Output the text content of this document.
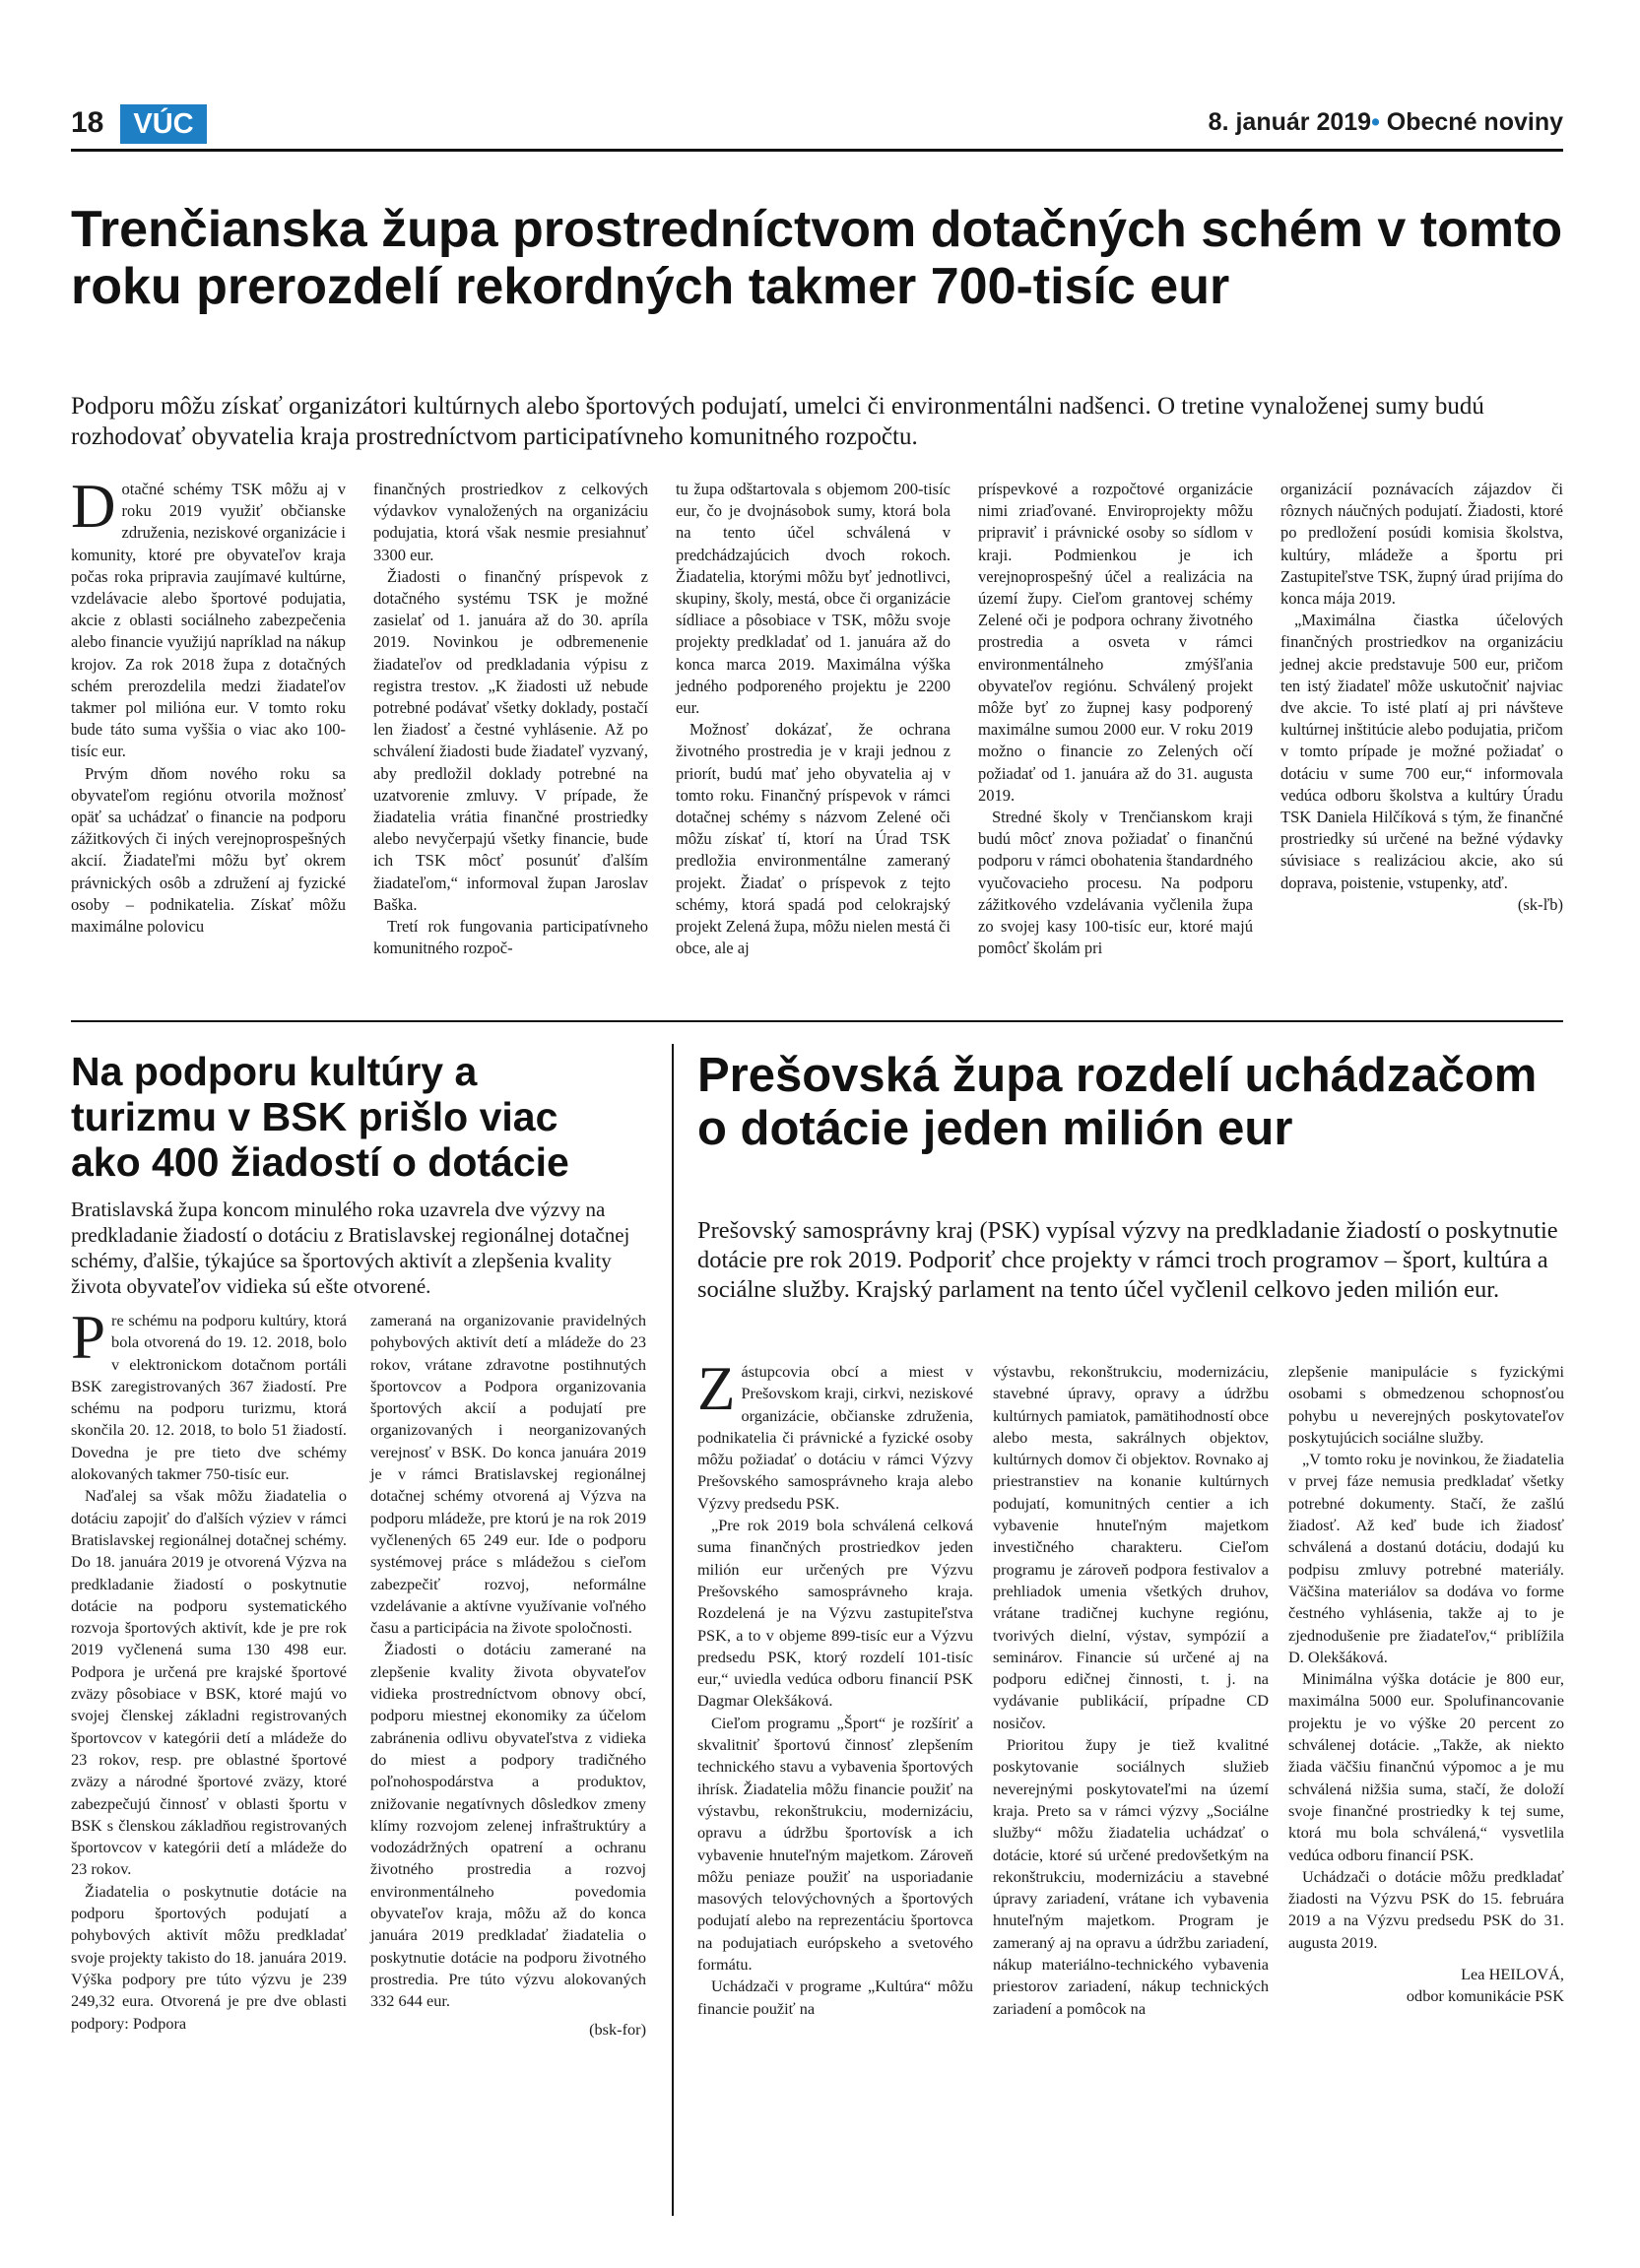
18	VÚC	8. január 2019• Obecné noviny
Trenčianska župa prostredníctvom dotačných schém v tomto roku prerozdelí rekordných takmer 700-tisíc eur

Podporu môžu získať organizátori kultúrnych alebo športových podujatí, umelci či environmentálni nadšenci. O tretine vynaloženej sumy budú rozhodovať obyvatelia kraja prostredníctvom participatívneho komunitného rozpočtu.

Dotačné schémy TSK môžu aj v roku 2019 využiť občianske združenia, neziskové organizácie i komunity, ktoré pre obyvateľov kraja počas roka pripravia zaujímavé kultúrne, vzdelávacie alebo športové podujatia, akcie z oblasti sociálneho zabezpečenia alebo financie využijú napríklad na nákup krojov. Za rok 2018 župa z dotačných schém prerozdelila medzi žiadateľov takmer pol milióna eur. V tomto roku bude táto suma vyššia o viac ako 100-tisíc eur.

Prvým dňom nového roku sa obyvateľom regiónu otvorila možnosť opäť sa uchádzať o financie na podporu zážitkových či iných verejnoprospešných akcií. Žiadateľmi môžu byť okrem právnických osôb a združení aj fyzické osoby – podnikatelia. Získať môžu maximálne polovicu

finančných prostriedkov z celkových výdavkov vynaložených na organizáciu podujatia, ktorá však nesmie presiahnuť 3300 eur.

Žiadosti o finančný príspevok z dotačného systému TSK je možné zasielať od 1. januára až do 30. apríla 2019. Novinkou je odbremenenie žiadateľov od predkladania výpisu z registra trestov. „K žiadosti už nebude potrebné podávať všetky doklady, postačí len žiadosť a čestné vyhlásenie. Až po schválení žiadosti bude žiadateľ vyzvaný, aby predložil doklady potrebné na uzatvorenie zmluvy. V prípade, že žiadatelia vrátia finančné prostriedky alebo nevyčerpajú všetky financie, bude ich TSK môcť posunúť ďalším žiadateľom,“ informoval župan Jaroslav Baška.

Tretí rok fungovania participatívneho komunitného rozpoč-

tu župa odštartovala s objemom 200-tisíc eur, čo je dvojnásobok sumy, ktorá bola na tento účel schválená v predchádzajúcich dvoch rokoch. Žiadatelia, ktorými môžu byť jednotlivci, skupiny, školy, mestá, obce či organizácie sídliace a pôsobiace v TSK, môžu svoje projekty predkladať od 1. januára až do konca marca 2019. Maximálna výška jedného podporeného projektu je 2200 eur.

Možnosť dokázať, že ochrana životného prostredia je v kraji jednou z priorít, budú mať jeho obyvatelia aj v tomto roku. Finančný príspevok v rámci dotačnej schémy s názvom Zelené oči môžu získať tí, ktorí na Úrad TSK predložia environmentálne zameraný projekt. Žiadať o príspevok z tejto schémy, ktorá spadá pod celokrajský projekt Zelená župa, môžu nielen mestá či obce, ale aj

príspevkové a rozpočtové organizácie nimi zriaďované. Enviroprojekty môžu pripraviť i právnické osoby so sídlom v kraji. Podmienkou je ich verejnoprospešný účel a realizácia na území župy. Cieľom grantovej schémy Zelené oči je podpora ochrany životného prostredia a osveta v rámci environmentálneho zmýšľania obyvateľov regiónu. Schválený projekt môže byť zo župnej kasy podporený maximálne sumou 2000 eur. V roku 2019 možno o financie zo Zelených očí požiadať od 1. januára až do 31. augusta 2019.

Stredné školy v Trenčianskom kraji budú môcť znova požiadať o finančnú podporu v rámci obohatenia štandardného vyučovacieho procesu. Na podporu zážitkového vzdelávania vyčlenila župa zo svojej kasy 100-tisíc eur, ktoré majú pomôcť školám pri

organizácií poznávacích zájazdov či rôznych náučných podujatí. Žiadosti, ktoré po predložení posúdi komisia školstva, kultúry, mládeže a športu pri Zastupiteľstve TSK, župný úrad prijíma do konca mája 2019.

„Maximálna čiastka účelových finančných prostriedkov na organizáciu jednej akcie predstavuje 500 eur, pričom ten istý žiadateľ môže uskutočniť najviac dve akcie. To isté platí aj pri návšteve kultúrnej inštitúcie alebo podujatia, pričom v tomto prípade je možné požiadať o dotáciu v sume 700 eur,“ informovala vedúca odboru školstva a kultúry Úradu TSK Daniela Hilčíková s tým, že finančné prostriedky sú určené na bežné výdavky súvisiace s realizáciou akcie, ako sú doprava, poistenie, vstupenky, atď.

(sk-ľb)

Na podporu kultúry a turizmu v BSK prišlo viac ako 400 žiadostí o dotácie

Bratislavská župa koncom minulého roka uzavrela dve výzvy na predkladanie žiadostí o dotáciu z Bratislavskej regionálnej dotačnej schémy, ďalšie, týkajúce sa športových aktivít a zlepšenia kvality života obyvateľov vidieka sú ešte otvorené.

Pre schému na podporu kultúry, ktorá bola otvorená do 19. 12. 2018, bolo v elektronickom dotačnom portáli BSK zaregistrovaných 367 žiadostí. Pre schému na podporu turizmu, ktorá skončila 20. 12. 2018, to bolo 51 žiadostí. Dovedna je pre tieto dve schémy alokovaných takmer 750-tisíc eur.

Naďalej sa však môžu žiadatelia o dotáciu zapojiť do ďalších výziev v rámci Bratislavskej regionálnej dotačnej schémy. Do 18. januára 2019 je otvorená Výzva na predkladanie žiadostí o poskytnutie dotácie na podporu systematického rozvoja športových aktivít, kde je pre rok 2019 vyčlenená suma 130 498 eur. Podpora je určená pre krajské športové zväzy pôsobiace v BSK, ktoré majú vo svojej členskej základni registrovaných športovcov v kategórii detí a mládeže do 23 rokov, resp. pre oblastné športové zväzy a národné športové zväzy, ktoré zabezpečujú činnosť v oblasti športu v BSK s členskou základňou registrovaných športovcov v kategórii detí a mládeže do 23 rokov.

Žiadatelia o poskytnutie dotácie na podporu športových podujatí a pohybových aktivít môžu predkladať svoje projekty takisto do 18. januára 2019. Výška podpory pre túto výzvu je 239 249,32 eura. Otvorená je pre dve oblasti podpory: Podpora

zameraná na organizovanie pravidelných pohybových aktivít detí a mládeže do 23 rokov, vrátane zdravotne postihnutých športovcov a Podpora organizovania športových akcií a podujatí pre organizovaných i neorganizovaných verejnosť v BSK. Do konca januára 2019 je v rámci Bratislavskej regionálnej dotačnej schémy otvorená aj Výzva na podporu mládeže, pre ktorú je na rok 2019 vyčlenených 65 249 eur. Ide o podporu systémovej práce s mládežou s cieľom zabezpečiť rozvoj, neformálne vzdelávanie a aktívne využívanie voľného času a participácia na živote spoločnosti.

Žiadosti o dotáciu zamerané na zlepšenie kvality života obyvateľov vidieka prostredníctvom obnovy obcí, podporu miestnej ekonomiky za účelom zabránenia odlivu obyvateľstva z vidieka do miest a podpory tradičného poľnohospodárstva a produktov, znižovanie negatívnych dôsledkov zmeny klímy rozvojom zelenej infraštruktúry a vodozádržných opatrení a ochranu životného prostredia a rozvoj environmentálneho povedomia obyvateľov kraja, môžu až do konca januára 2019 predkladať žiadatelia o poskytnutie dotácie na podporu životného prostredia. Pre túto výzvu alokovaných 332 644 eur.

(bsk-for)

Prešovská župa rozdelí uchádzačom o dotácie jeden milión eur

Prešovský samosprávny kraj (PSK) vypísal výzvy na predkladanie žiadostí o poskytnutie dotácie pre rok 2019. Podporiť chce projekty v rámci troch programov – šport, kultúra a sociálne služby. Krajský parlament na tento účel vyčlenil celkovo jeden milión eur.

Zástupcovia obcí a miest v Prešovskom kraji, cirkvi, neziskové organizácie, občianske združenia, podnikatelia či právnické a fyzické osoby môžu požiadať o dotáciu v rámci Výzvy Prešovského samosprávneho kraja alebo Výzvy predsedu PSK.

„Pre rok 2019 bola schválená celková suma finančných prostriedkov jeden milión eur určených pre Výzvu Prešovského samosprávneho kraja. Rozdelená je na Výzvu zastupiteľstva PSK, a to v objeme 899-tisíc eur a Výzvu predsedu PSK, ktorý rozdelí 101-tisíc eur,“ uviedla vedúca odboru financií PSK Dagmar Olekšáková.

Cieľom programu „Šport“ je rozšíriť a skvalitniť športovú činnosť zlepšením technického stavu a vybavenia športových ihrísk. Žiadatelia môžu financie použiť na výstavbu, rekonštrukciu, modernizáciu, opravu a údržbu športovísk a ich vybavenie hnuteľným majetkom. Zároveň môžu peniaze použiť na usporiadanie masových telovýchovných a športových podujatí alebo na reprezentáciu športovca na podujatiach európskeho a svetového formátu.

Uchádzači v programe „Kultúra“ môžu financie použiť na

výstavbu, rekonštrukciu, modernizáciu, stavebné úpravy, opravy a údržbu kultúrnych pamiatok, pamätihodností obce alebo mesta, sakrálnych objektov, kultúrnych domov či objektov. Rovnako aj priestranstiev na konanie kultúrnych podujatí, komunitných centier a ich vybavenie hnuteľným majetkom investičného charakteru. Cieľom programu je zároveň podpora festivalov a prehliadok umenia všetkých druhov, vrátane tradičnej kuchyne regiónu, tvorivých dielní, výstav, sympózií a seminárov. Financie sú určené aj na podporu edičnej činnosti, t. j. na vydávanie publikácií, prípadne CD nosičov.

Prioritou župy je tiež kvalitné poskytovanie sociálnych služieb neverejnými poskytovateľmi na území kraja. Preto sa v rámci výzvy „Sociálne služby“ môžu žiadatelia uchádzať o dotácie, ktoré sú určené predovšetkým na rekonštrukciu, modernizáciu a stavebné úpravy zariadení, vrátane ich vybavenia hnuteľným majetkom. Program je zameraný aj na opravu a údržbu zariadení, nákup materiálno-technického vybavenia priestorov zariadení, nákup technických zariadení a pomôcok na

zlepšenie manipulácie s fyzickými osobami s obmedzenou schopnosťou pohybu u neverejných poskytovateľov poskytujúcich sociálne služby.

„V tomto roku je novinkou, že žiadatelia v prvej fáze nemusia predkladať všetky potrebné dokumenty. Stačí, že zašlú žiadosť. Až keď bude ich žiadosť schválená a dostanú dotáciu, dodajú ku podpisu zmluvy potrebné materiály. Väčšina materiálov sa dodáva vo forme čestného vyhlásenia, takže aj to je zjednodušenie pre žiadateľov,“ priblížila D. Olekšáková.

Minimálna výška dotácie je 800 eur, maximálna 5000 eur. Spolufinancovanie projektu je vo výške 20 percent zo schválenej dotácie. „Takže, ak niekto žiada väčšiu finančnú výpomoc a je mu schválená nižšia suma, stačí, že doloží svoje finančné prostriedky k tej sume, ktorá mu bola schválená,“ vysvetlila vedúca odboru financií PSK.

Uchádzači o dotácie môžu predkladať žiadosti na Výzvu PSK do 15. februára 2019 a na Výzvu predsedu PSK do 31. augusta 2019.

Lea HEILOVÁ,

odbor komunikácie PSK
